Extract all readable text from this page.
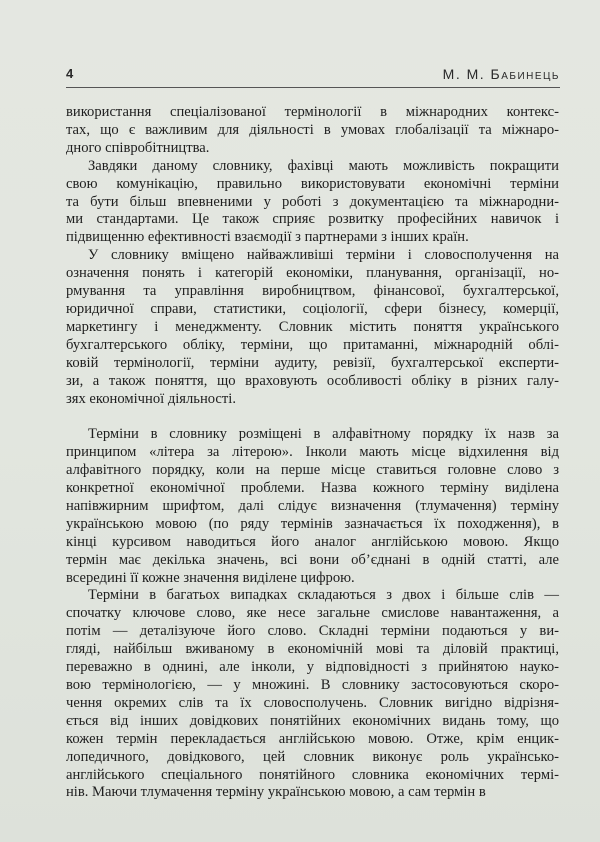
4	М. М. Бабинець
використання спеціалізованої термінології в міжнародних контекс-
тах, що є важливим для діяльності в умовах глобалізації та міжнаро-
дного співробітництва.
Завдяки даному словнику, фахівці мають можливість покращити
свою комунікацію, правильно використовувати економічні терміни
та бути більш впевненими у роботі з документацією та міжнародни-
ми стандартами. Це також сприяє розвитку професійних навичок і
підвищенню ефективності взаємодії з партнерами з інших країн.
У словнику вміщено найважливіші терміни і словосполучення на
означення понять і категорій економіки, планування, організації, но-
рмування та управління виробництвом, фінансової, бухгалтерської,
юридичної справи, статистики, соціології, сфери бізнесу, комерції,
маркетингу і менеджменту. Словник містить поняття українського
бухгалтерського обліку, терміни, що притаманні, міжнародній облі-
ковій термінології, терміни аудиту, ревізії, бухгалтерської експерти-
зи, а також поняття, що враховують особливості обліку в різних галу-
зях економічної діяльності.
Терміни в словнику розміщені в алфавітному порядку їх назв за
принципом «літера за літерою». Інколи мають місце відхилення від
алфавітного порядку, коли на перше місце ставиться головне слово з
конкретної економічної проблеми. Назва кожного терміну виділена
напівжирним шрифтом, далі слідує визначення (тлумачення) терміну
українською мовою (по ряду термінів зазначається їх походження), в
кінці курсивом наводиться його аналог англійською мовою. Якщо
термін має декілька значень, всі вони об’єднані в одній статті, але
всередині її кожне значення виділене цифрою.
Терміни в багатьох випадках складаються з двох і більше слів —
спочатку ключове слово, яке несе загальне смислове навантаження, а
потім — деталізуюче його слово. Складні терміни подаються у ви-
гляді, найбільш вживаному в економічній мові та діловій практиці,
переважно в однині, але інколи, у відповідності з прийнятою науко-
вою термінологією, — у множині. В словнику застосовуються скоро-
чення окремих слів та їх словосполучень. Словник вигідно відрізня-
ється від інших довідкових понятійних економічних видань тому, що
кожен термін перекладається англійською мовою. Отже, крім енцик-
лопедичного, довідкового, цей словник виконує роль українсько-
англійського спеціального понятійного словника економічних термі-
нів. Маючи тлумачення терміну українською мовою, а сам термін в
